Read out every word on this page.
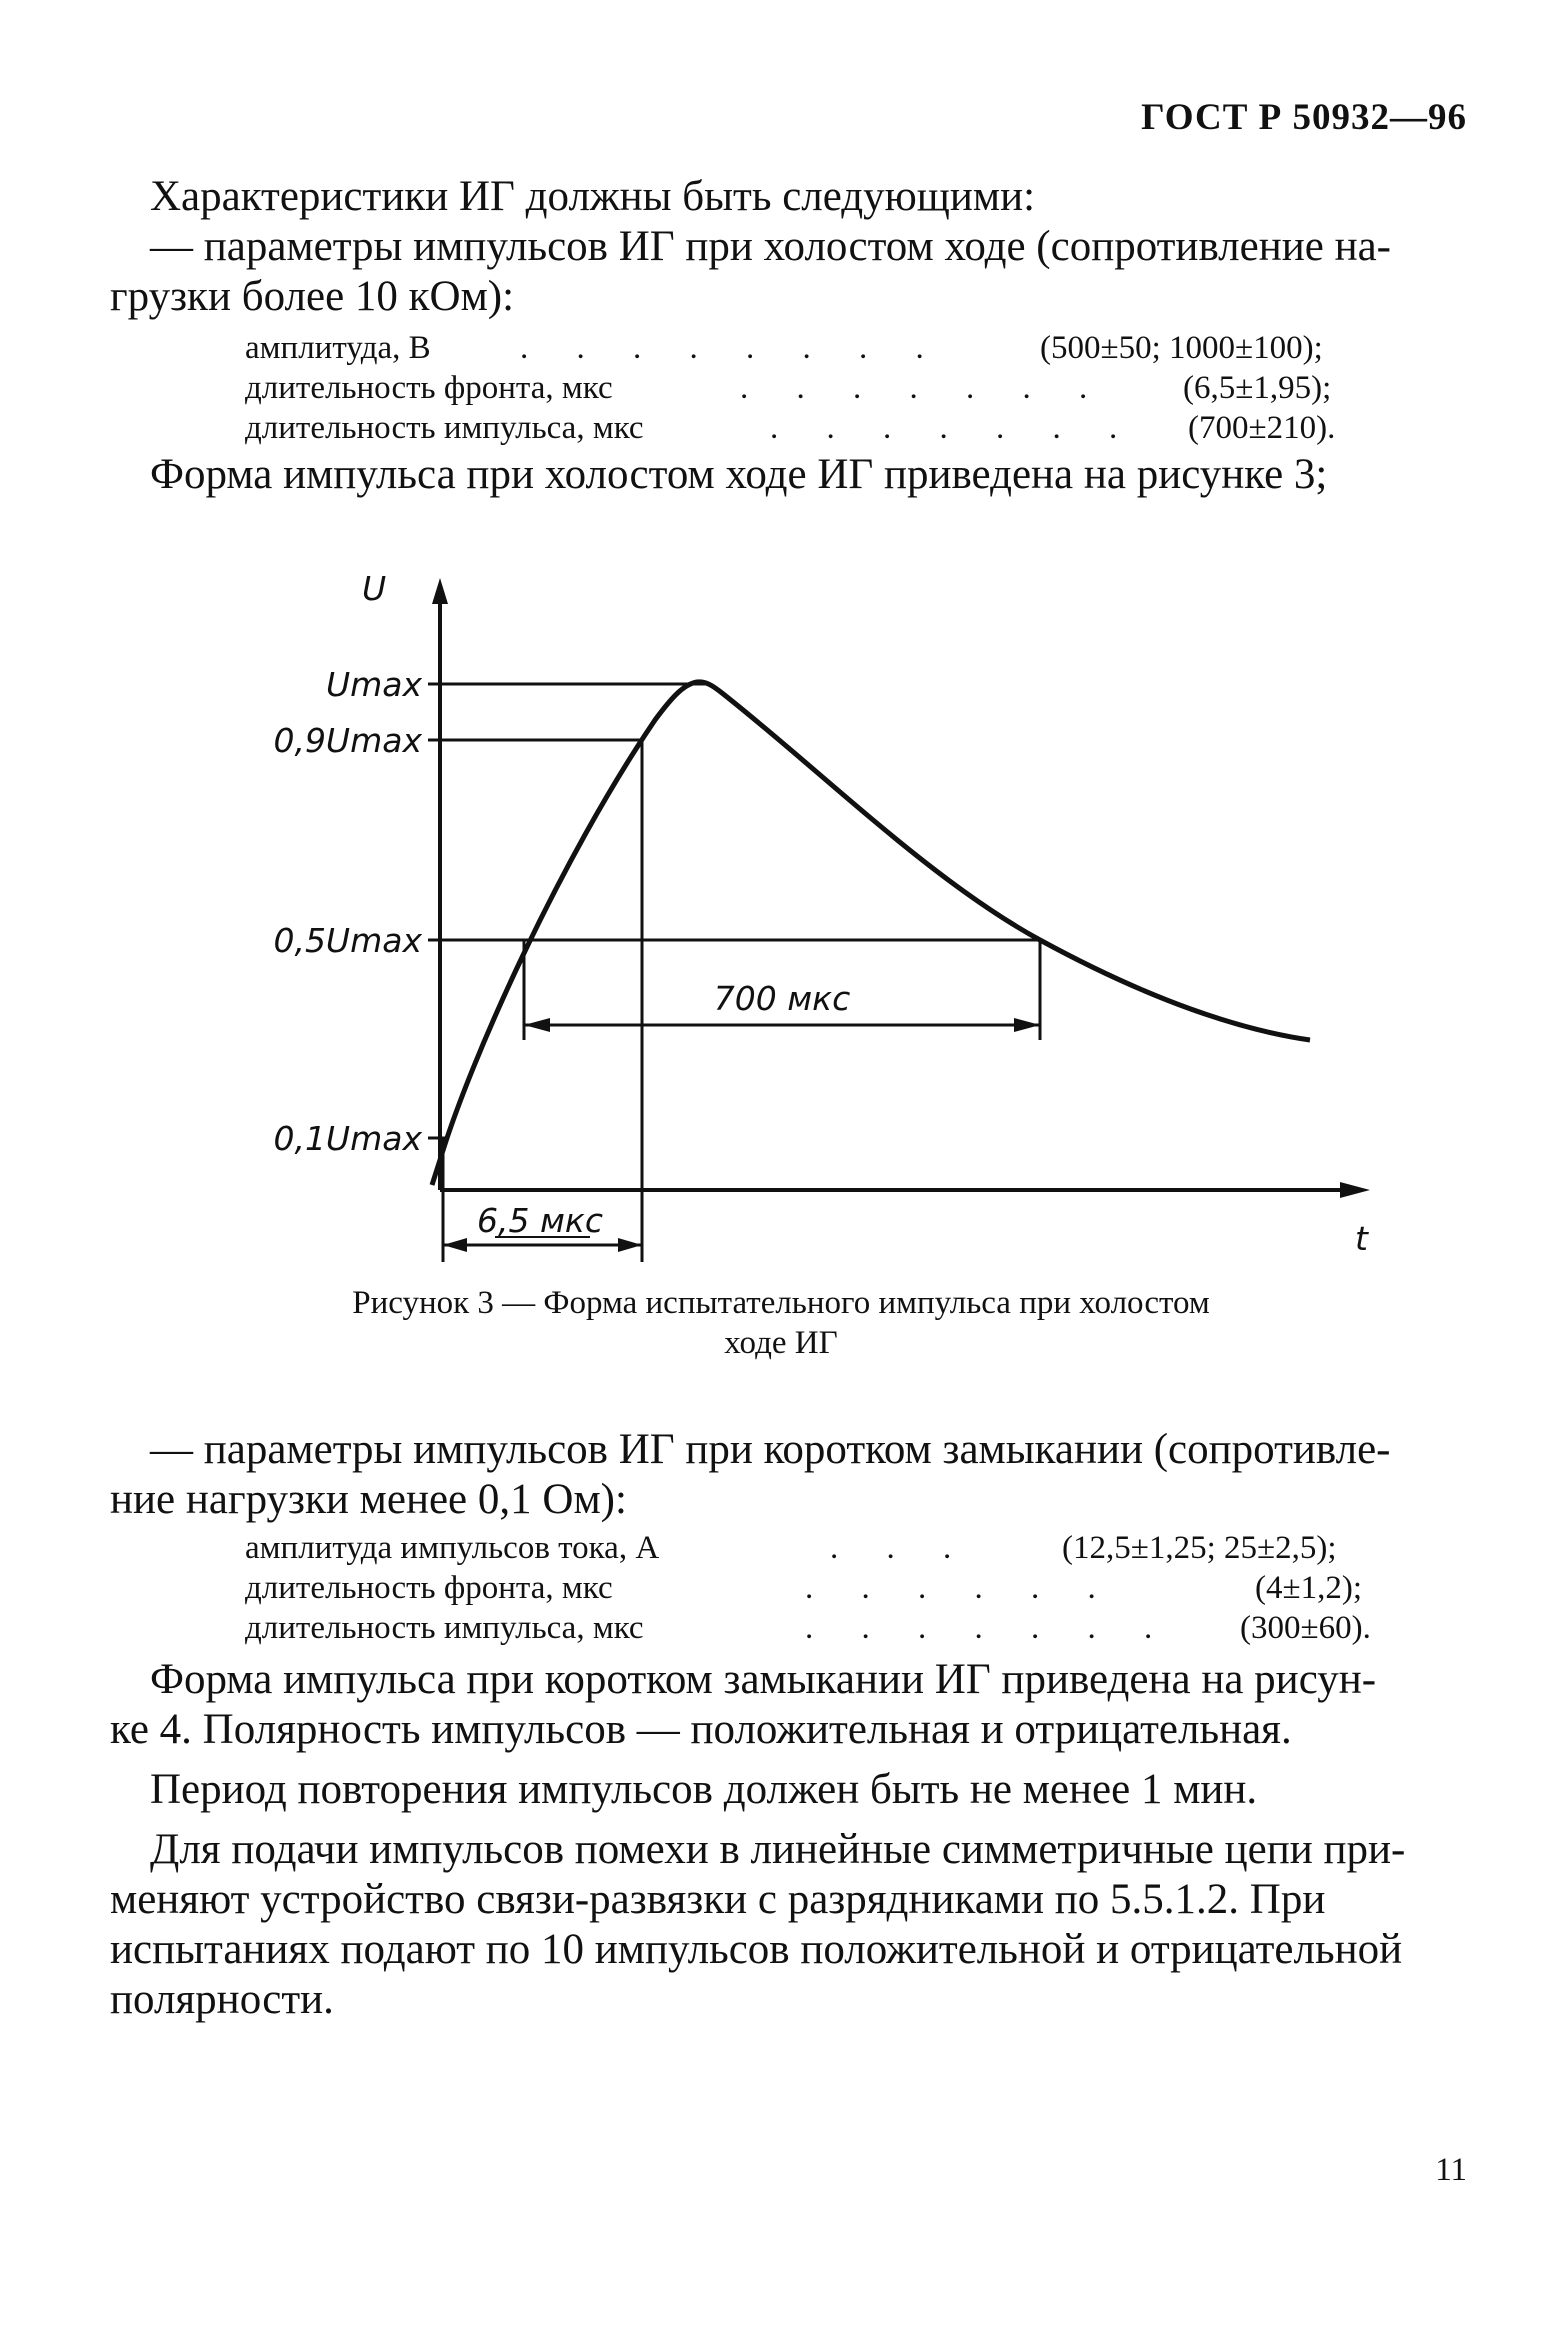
ГОСТ Р 50932—96
Характеристики ИГ должны быть следующими:
— параметры импульсов ИГ при холостом ходе (сопротивление на-
грузки более 10 кОм):
амплитуда, В	. . . . . . . .	(500±50; 1000±100);
длительность фронта, мкс	. . . . . . . (6,5±1,95);
длительность импульса, мкс	. . . . . . . (700±210).
Форма импульса при холостом ходе ИГ приведена на рисунке 3;
U
t
Umax
0,9Umax
0,5Umax
0,1Umax
700 мкс
6,5 мкс
Рисунок 3 — Форма испытательного импульса при холостом
ходе ИГ
— параметры импульсов ИГ при коротком замыкании (сопротивле-
ние нагрузки менее 0,1 Ом):
амплитуда импульсов тока, А	. . .	(12,5±1,25; 25±2,5);
длительность фронта, мкс	. . . . . .	(4±1,2);
длительность импульса, мкс	. . . . . . . (300±60).
Форма импульса при коротком замыкании ИГ приведена на рисун-
ке 4. Полярность импульсов — положительная и отрицательная.
Период повторения импульсов должен быть не менее 1 мин.
Для подачи импульсов помехи в линейные симметричные цепи при-
меняют устройство связи-развязки с разрядниками по 5.5.1.2. При
испытаниях подают по 10 импульсов положительной и отрицательной
полярности.
11
